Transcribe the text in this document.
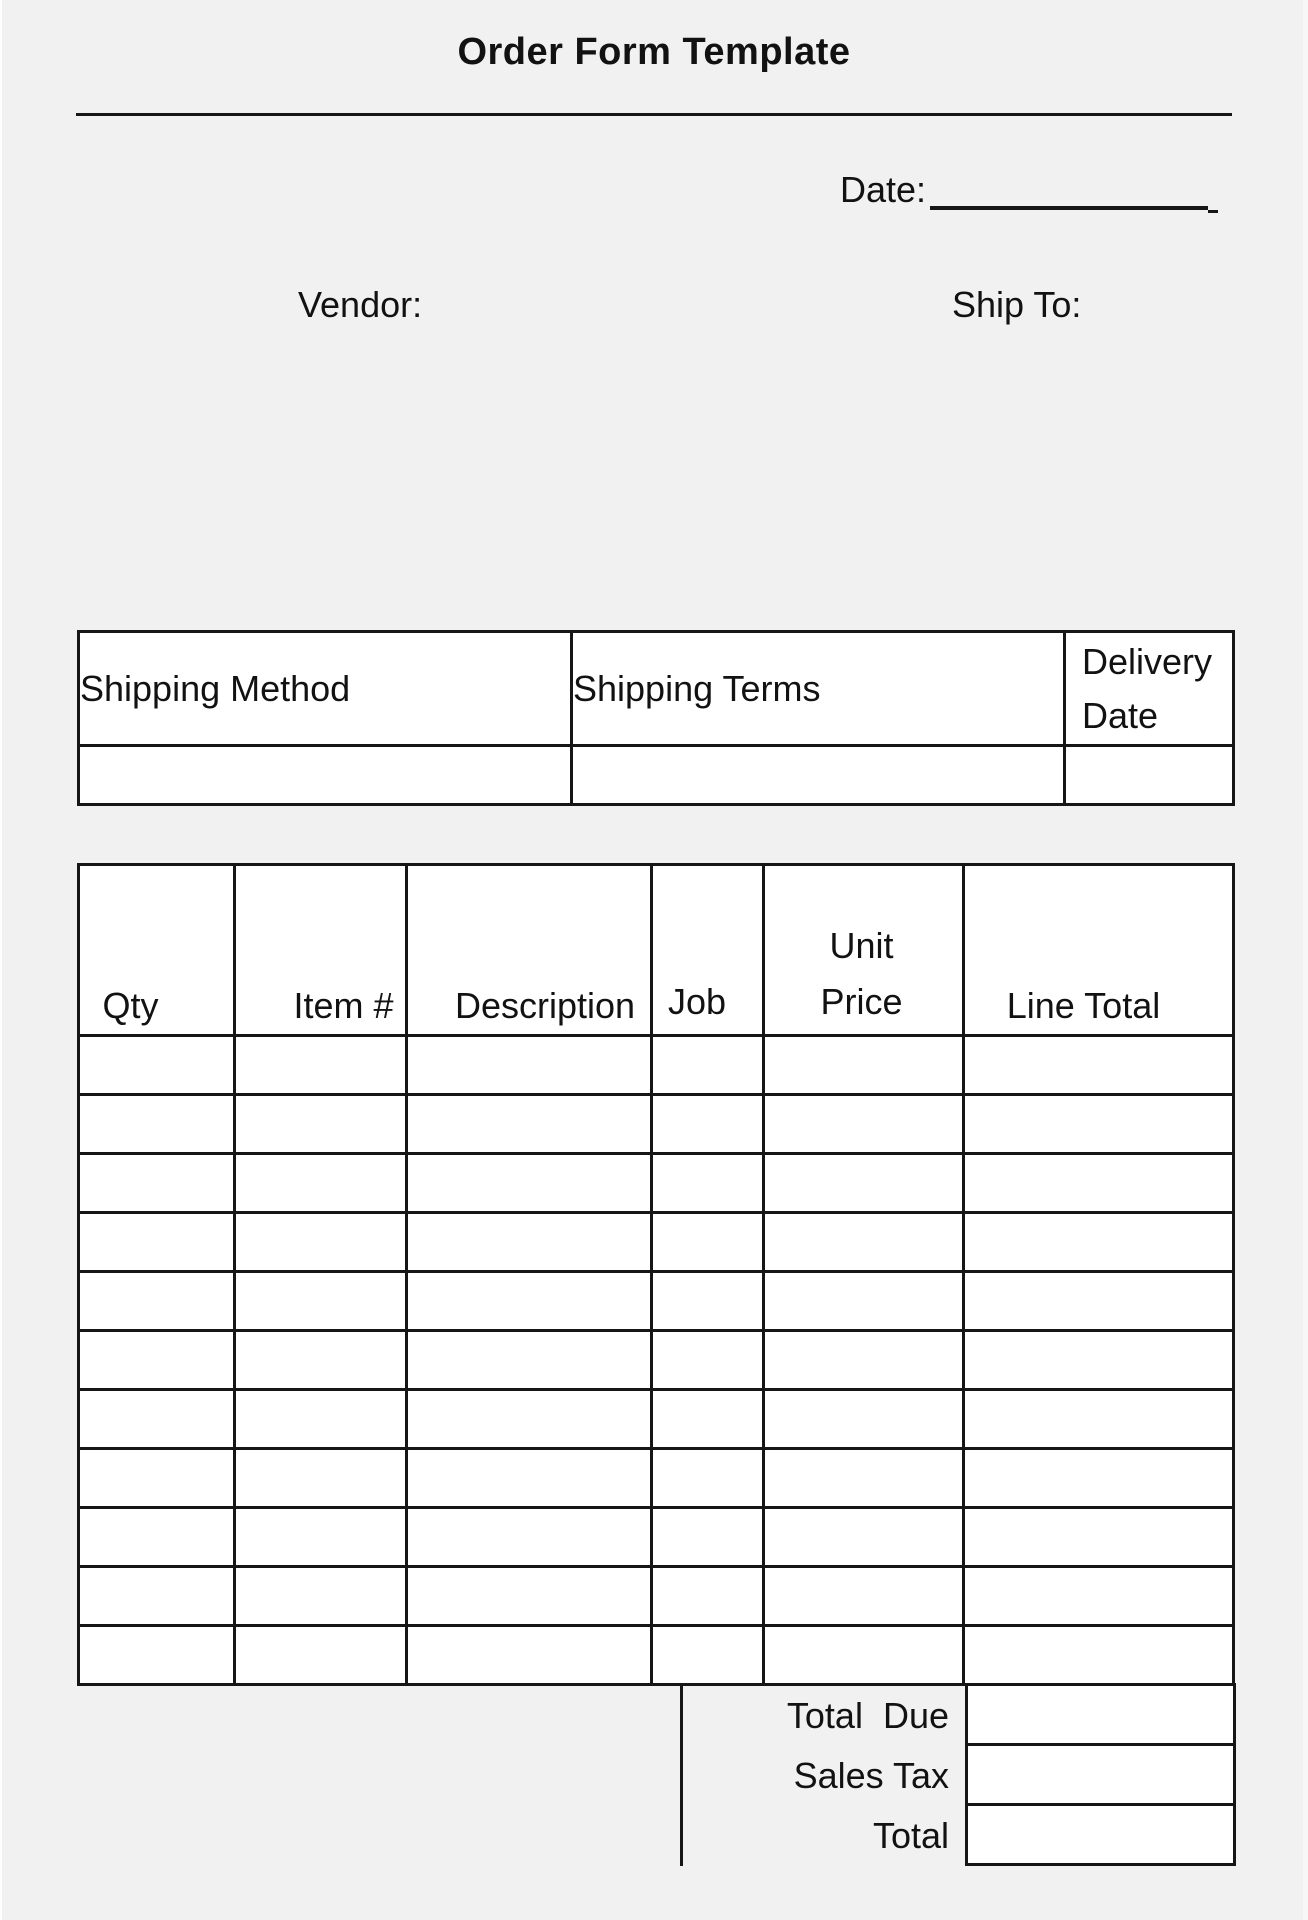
Order Form Template
Date:
Vendor:	Ship To:
Shipping Method	Shipping Terms	Delivery Date

Qty	Item #	Description	Job	Unit Price	Line Total

Total  Due	
Sales Tax	
Total	
